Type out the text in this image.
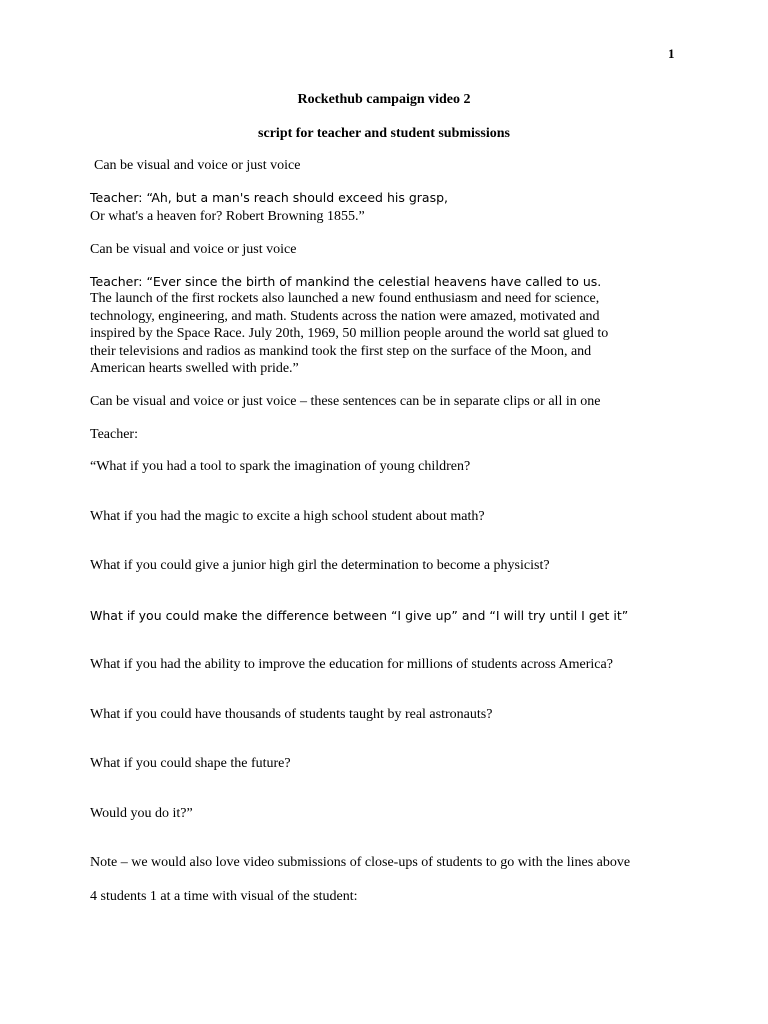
1
Rockethub campaign video 2
script for teacher and student submissions
Can be visual and voice or just voice
Teacher: “Ah, but a man's reach should exceed his grasp,
Or what's a heaven for? Robert Browning 1855.”
Can be visual and voice or just voice
Teacher: “Ever since the birth of mankind the celestial heavens have called to us.
The launch of the first rockets also launched a new found enthusiasm and need for science,
technology, engineering, and math. Students across the nation were amazed, motivated and
inspired by the Space Race. July 20th, 1969, 50 million people around the world sat glued to
their televisions and radios as mankind took the first step on the surface of the Moon, and
American hearts swelled with pride.”
Can be visual and voice or just voice – these sentences can be in separate clips or all in one
Teacher:
“What if you had a tool to spark the imagination of young children?
What if you had the magic to excite a high school student about math?
What if you could give a junior high girl the determination to become a physicist?
What if you could make the difference between “I give up” and “I will try until I get it”
What if you had the ability to improve the education for millions of students across America?
What if you could have thousands of students taught by real astronauts?
What if you could shape the future?
Would you do it?”
Note – we would also love video submissions of close-ups of students to go with the lines above
4 students 1 at a time with visual of the student:
